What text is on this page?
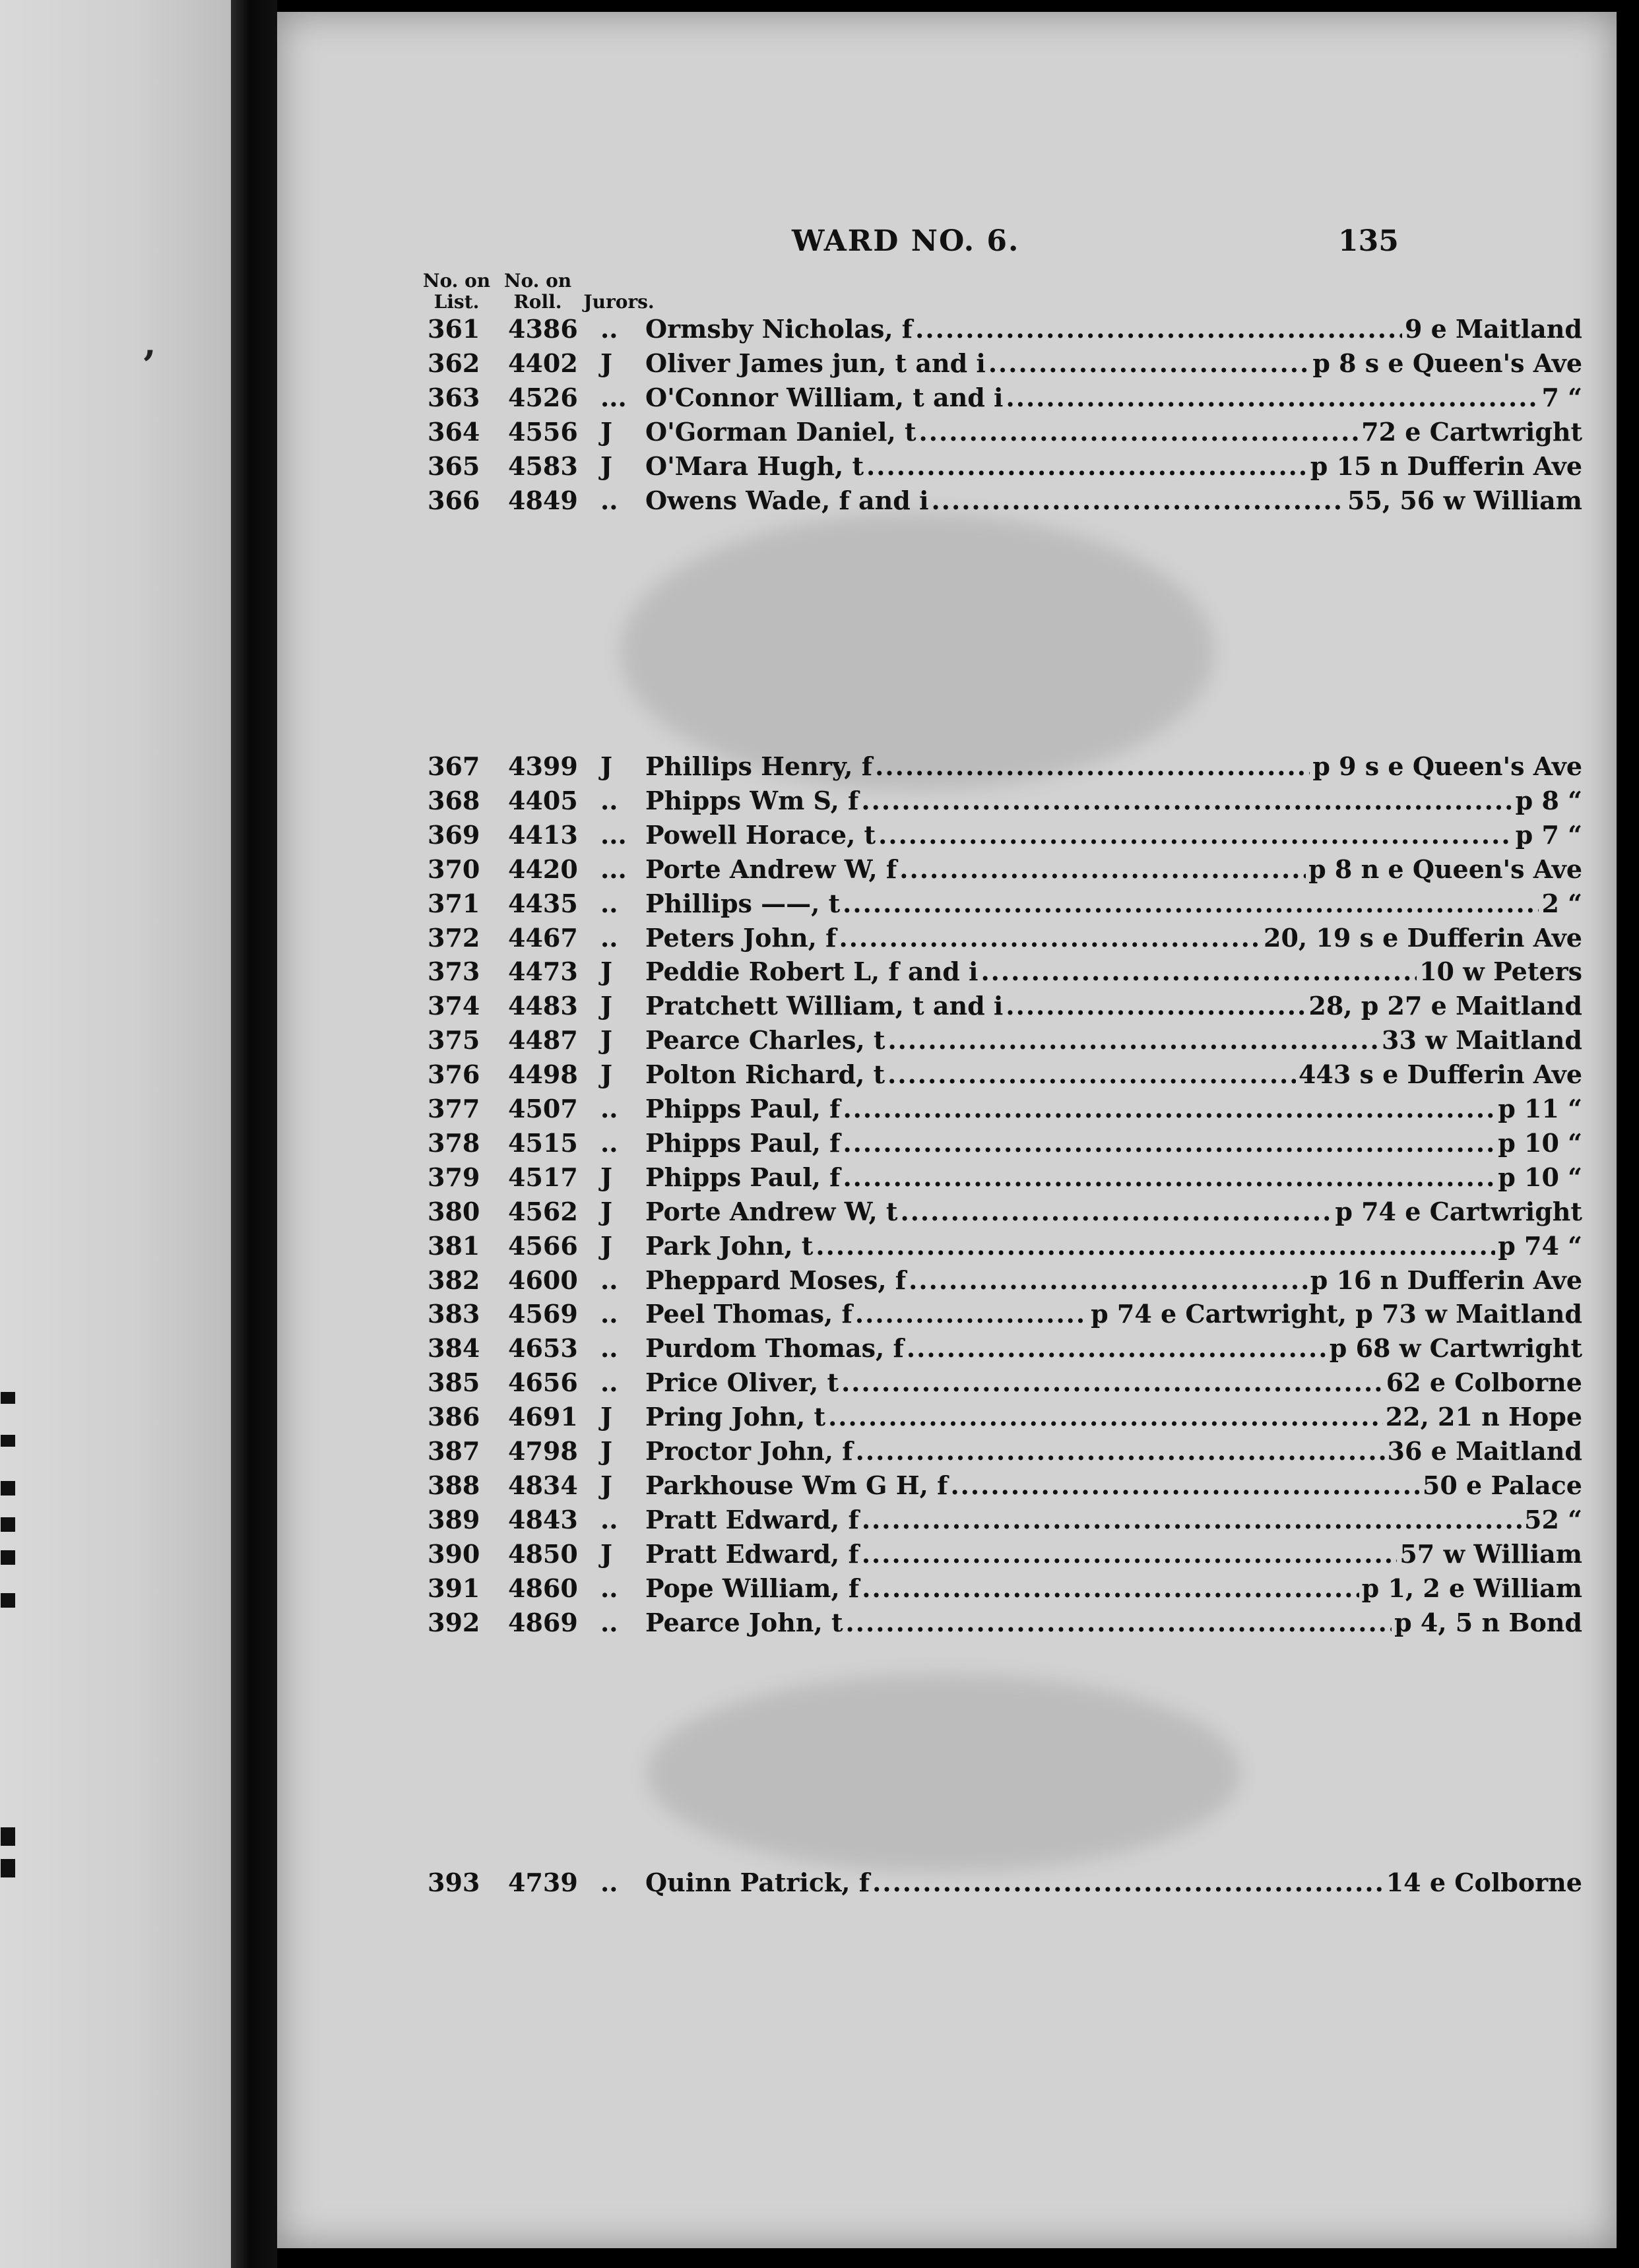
ʼ
WARD NO. 6.	135
No. on List.
No. on Roll.	Jurors.
361	4386 ..	Ormsby Nicholas, f .....	9 e Maitland
362	4402 J	Oliver James jun, t and i .....	p 8 s e Queen's Ave
363	4526 ... O'Connor William, t and i .....	7 “
364	4556 J	O'Gorman Daniel, t .....	72 e Cartwright
365	4583 J	O'Mara Hugh, t .....	p 15 n Dufferin Ave
366	4849 ..	Owens Wade, f and i .....	55, 56 w William
367	4399 J	Phillips Henry, f .....	p 9 s e Queen's Ave
368	4405 ..	Phipps Wm S, f .....	p 8 “
369	4413 ... Powell Horace, t .....	p 7 “
370	4420 ... Porte Andrew W, f .....	p 8 n e Queen's Ave
371	4435 ..	Phillips ——, t .....	2 “
372	4467 ..	Peters John, f .....	20, 19 s e Dufferin Ave
373	4473 J	Peddie Robert L, f and i .....	10 w Peters
374	4483 J	Pratchett William, t and i .....	28, p 27 e Maitland
375	4487 J	Pearce Charles, t .....	33 w Maitland
376	4498 J	Polton Richard, t .....	443 s e Dufferin Ave
377	4507 ..	Phipps Paul, f .....	p 11 “
378	4515 ..	Phipps Paul, f .....	p 10 “
379	4517 J	Phipps Paul, f .....	p 10 “
380	4562 J	Porte Andrew W, t .....	p 74 e Cartwright
381	4566 J	Park John, t .....	p 74 “
382	4600 ..	Pheppard Moses, f .....	p 16 n Dufferin Ave
383	4569 ..	Peel Thomas, f .....	p 74 e Cartwright, p 73 w Maitland
384	4653 ..	Purdom Thomas, f .....	p 68 w Cartwright
385	4656 ..	Price Oliver, t .....	62 e Colborne
386	4691 J	Pring John, t .....	22, 21 n Hope
387	4798 J	Proctor John, f .....	36 e Maitland
388	4834 J	Parkhouse Wm G H, f .....	50 e Palace
389	4843 ..	Pratt Edward, f .....	52 “
390	4850 J	Pratt Edward, f .....	57 w William
391	4860 ..	Pope William, f .....	p 1, 2 e William
392	4869 ..	Pearce John, t .....	p 4, 5 n Bond
393	4739 ..	Quinn Patrick, f .....	14 e Colborne
